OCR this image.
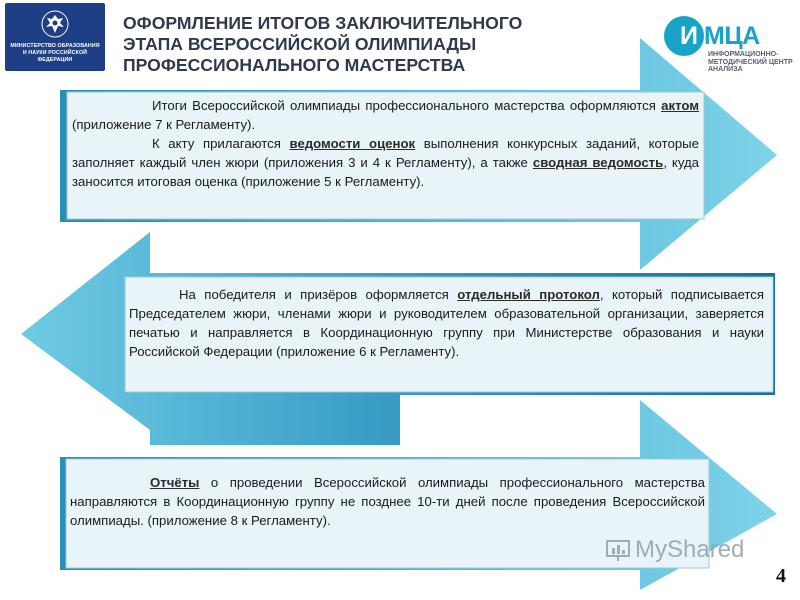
МИНИСТЕРСТВО ОБРАЗОВАНИЯ И НАУКИ РОССИЙСКОЙ ФЕДЕРАЦИИ
ОФОРМЛЕНИЕ ИТОГОВ ЗАКЛЮЧИТЕЛЬНОГО
ЭТАПА ВСЕРОССИЙСКОЙ ОЛИМПИАДЫ
ПРОФЕССИОНАЛЬНОГО МАСТЕРСТВА
И МЦА
ИНФОРМАЦИОННО-
МЕТОДИЧЕСКИЙ ЦЕНТР
АНАЛИЗА

Итоги Всероссийской олимпиады профессионального мастерства оформляются актом (приложение 7 к Регламенту).

К акту прилагаются ведомости оценок выполнения конкурсных заданий, которые заполняет каждый член жюри (приложения 3 и 4 к Регламенту), а также сводная ведомость, куда заносится итоговая оценка (приложение 5 к Регламенту).

На победителя и призёров оформляется отдельный протокол, который подписывается Председателем жюри, членами жюри и руководителем образовательной организации, заверяется печатью и направляется в Координационную группу при Министерстве образования и науки Российской Федерации (приложение 6 к Регламенту).

Отчёты о проведении Всероссийской олимпиады профессионального мастерства направляются в Координационную группу не позднее 10-ти дней после проведения Всероссийской олимпиады. (приложение 8 к Регламенту).

MyShared
4
